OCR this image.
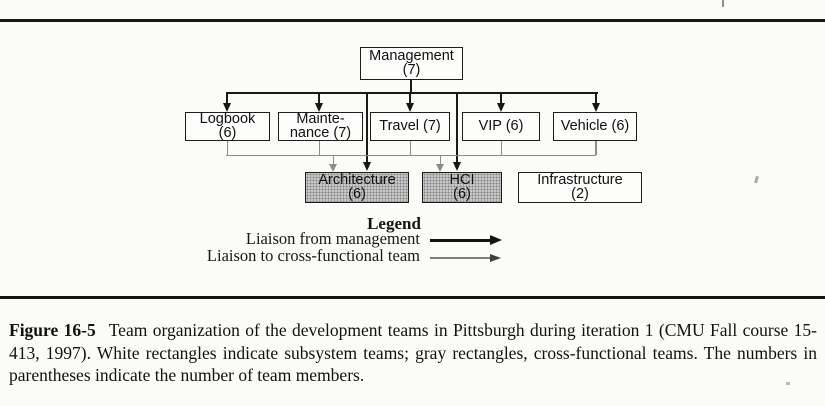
Management
(7)
Logbook
(6)
Mainte-
nance (7) Travel (7)	VIP (6)	Vehicle (6)
Architecture
(6)
HCI
(6)
Infrastructure
(2)
Legend
Liaison from management
Liaison to cross-functional team
Figure 16-5 Team organization of the development teams in Pittsburgh during iteration 1 (CMU Fall course 15-413, 1997). White rectangles indicate subsystem teams; gray rectangles, cross-functional teams. The numbers in parentheses indicate the number of team members.
